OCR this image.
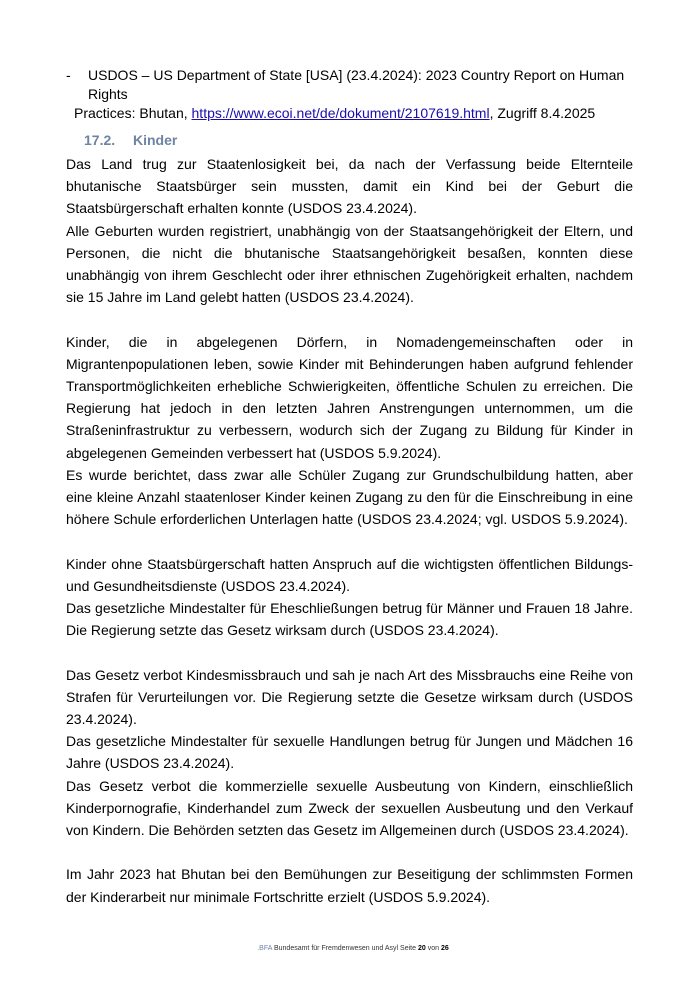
-	USDOS – US Department of State [USA] (23.4.2024): 2023 Country Report on Human Rights
Practices: Bhutan, https://www.ecoi.net/de/dokument/2107619.html, Zugriff 8.4.2025
17.2. Kinder

Das Land trug zur Staatenlosigkeit bei, da nach der Verfassung beide Elternteile bhutanische Staatsbürger sein mussten, damit ein Kind bei der Geburt die Staatsbürgerschaft erhalten konnte (USDOS 23.4.2024).

Alle Geburten wurden registriert, unabhängig von der Staatsangehörigkeit der Eltern, und Personen, die nicht die bhutanische Staatsangehörigkeit besaßen, konnten diese unabhängig von ihrem Geschlecht oder ihrer ethnischen Zugehörigkeit erhalten, nachdem sie 15 Jahre im Land gelebt hatten (USDOS 23.4.2024).

Kinder, die in abgelegenen Dörfern, in Nomadengemeinschaften oder in Migrantenpopulationen leben, sowie Kinder mit Behinderungen haben aufgrund fehlender Transportmöglichkeiten erhebliche Schwierigkeiten, öffentliche Schulen zu erreichen. Die Regierung hat jedoch in den letzten Jahren Anstrengungen unternommen, um die Straßeninfrastruktur zu verbessern, wodurch sich der Zugang zu Bildung für Kinder in abgelegenen Gemeinden verbessert hat (USDOS 5.9.2024).

Es wurde berichtet, dass zwar alle Schüler Zugang zur Grundschulbildung hatten, aber eine kleine Anzahl staatenloser Kinder keinen Zugang zu den für die Einschreibung in eine höhere Schule erforderlichen Unterlagen hatte (USDOS 23.4.2024; vgl. USDOS 5.9.2024).

Kinder ohne Staatsbürgerschaft hatten Anspruch auf die wichtigsten öffentlichen Bildungs- und Gesundheitsdienste (USDOS 23.4.2024).

Das gesetzliche Mindestalter für Eheschließungen betrug für Männer und Frauen 18 Jahre. Die Regierung setzte das Gesetz wirksam durch (USDOS 23.4.2024).

Das Gesetz verbot Kindesmissbrauch und sah je nach Art des Missbrauchs eine Reihe von Strafen für Verurteilungen vor. Die Regierung setzte die Gesetze wirksam durch (USDOS 23.4.2024).

Das gesetzliche Mindestalter für sexuelle Handlungen betrug für Jungen und Mädchen 16 Jahre (USDOS 23.4.2024).

Das Gesetz verbot die kommerzielle sexuelle Ausbeutung von Kindern, einschließlich Kinderpornografie, Kinderhandel zum Zweck der sexuellen Ausbeutung und den Verkauf von Kindern. Die Behörden setzten das Gesetz im Allgemeinen durch (USDOS 23.4.2024).

Im Jahr 2023 hat Bhutan bei den Bemühungen zur Beseitigung der schlimmsten Formen der Kinderarbeit nur minimale Fortschritte erzielt (USDOS 5.9.2024).

.BFA Bundesamt für Fremdenwesen und Asyl Seite 20 von 26
